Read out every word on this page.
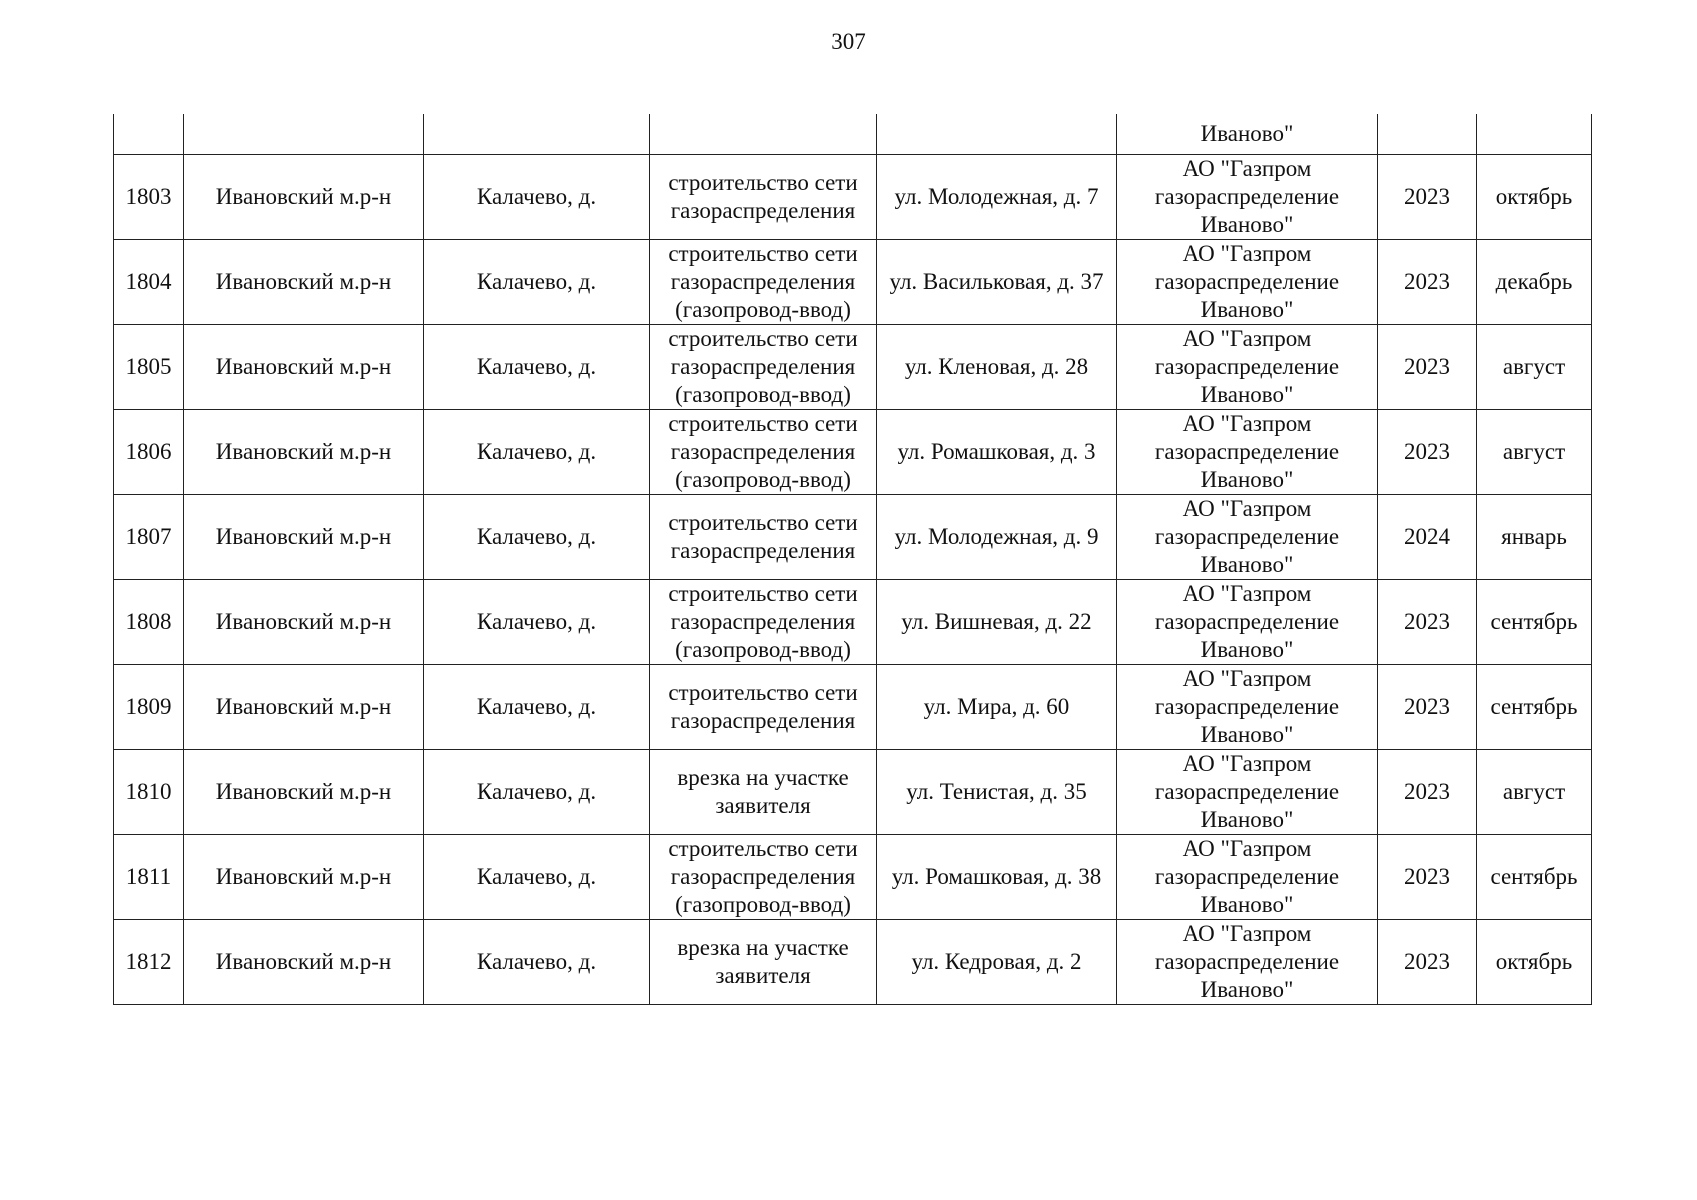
307
					Иваново"		
1803	Ивановский м.р-н	Калачево, д.	строительство сети газораспределения	ул. Молодежная, д. 7	АО "Газпром газораспределение Иваново"	2023	октябрь
1804	Ивановский м.р-н	Калачево, д.	строительство сети газораспределения (газопровод-ввод)	ул. Васильковая, д. 37	АО "Газпром газораспределение Иваново"	2023	декабрь
1805	Ивановский м.р-н	Калачево, д.	строительство сети газораспределения (газопровод-ввод)	ул. Кленовая, д. 28	АО "Газпром газораспределение Иваново"	2023	август
1806	Ивановский м.р-н	Калачево, д.	строительство сети газораспределения (газопровод-ввод)	ул. Ромашковая, д. 3	АО "Газпром газораспределение Иваново"	2023	август
1807	Ивановский м.р-н	Калачево, д.	строительство сети газораспределения	ул. Молодежная, д. 9	АО "Газпром газораспределение Иваново"	2024	январь
1808	Ивановский м.р-н	Калачево, д.	строительство сети газораспределения (газопровод-ввод)	ул. Вишневая, д. 22	АО "Газпром газораспределение Иваново"	2023	сентябрь
1809	Ивановский м.р-н	Калачево, д.	строительство сети газораспределения	ул. Мира, д. 60	АО "Газпром газораспределение Иваново"	2023	сентябрь
1810	Ивановский м.р-н	Калачево, д.	врезка на участке заявителя	ул. Тенистая, д. 35	АО "Газпром газораспределение Иваново"	2023	август
1811	Ивановский м.р-н	Калачево, д.	строительство сети газораспределения (газопровод-ввод)	ул. Ромашковая, д. 38	АО "Газпром газораспределение Иваново"	2023	сентябрь
1812	Ивановский м.р-н	Калачево, д.	врезка на участке заявителя	ул. Кедровая, д. 2	АО "Газпром газораспределение Иваново"	2023	октябрь
